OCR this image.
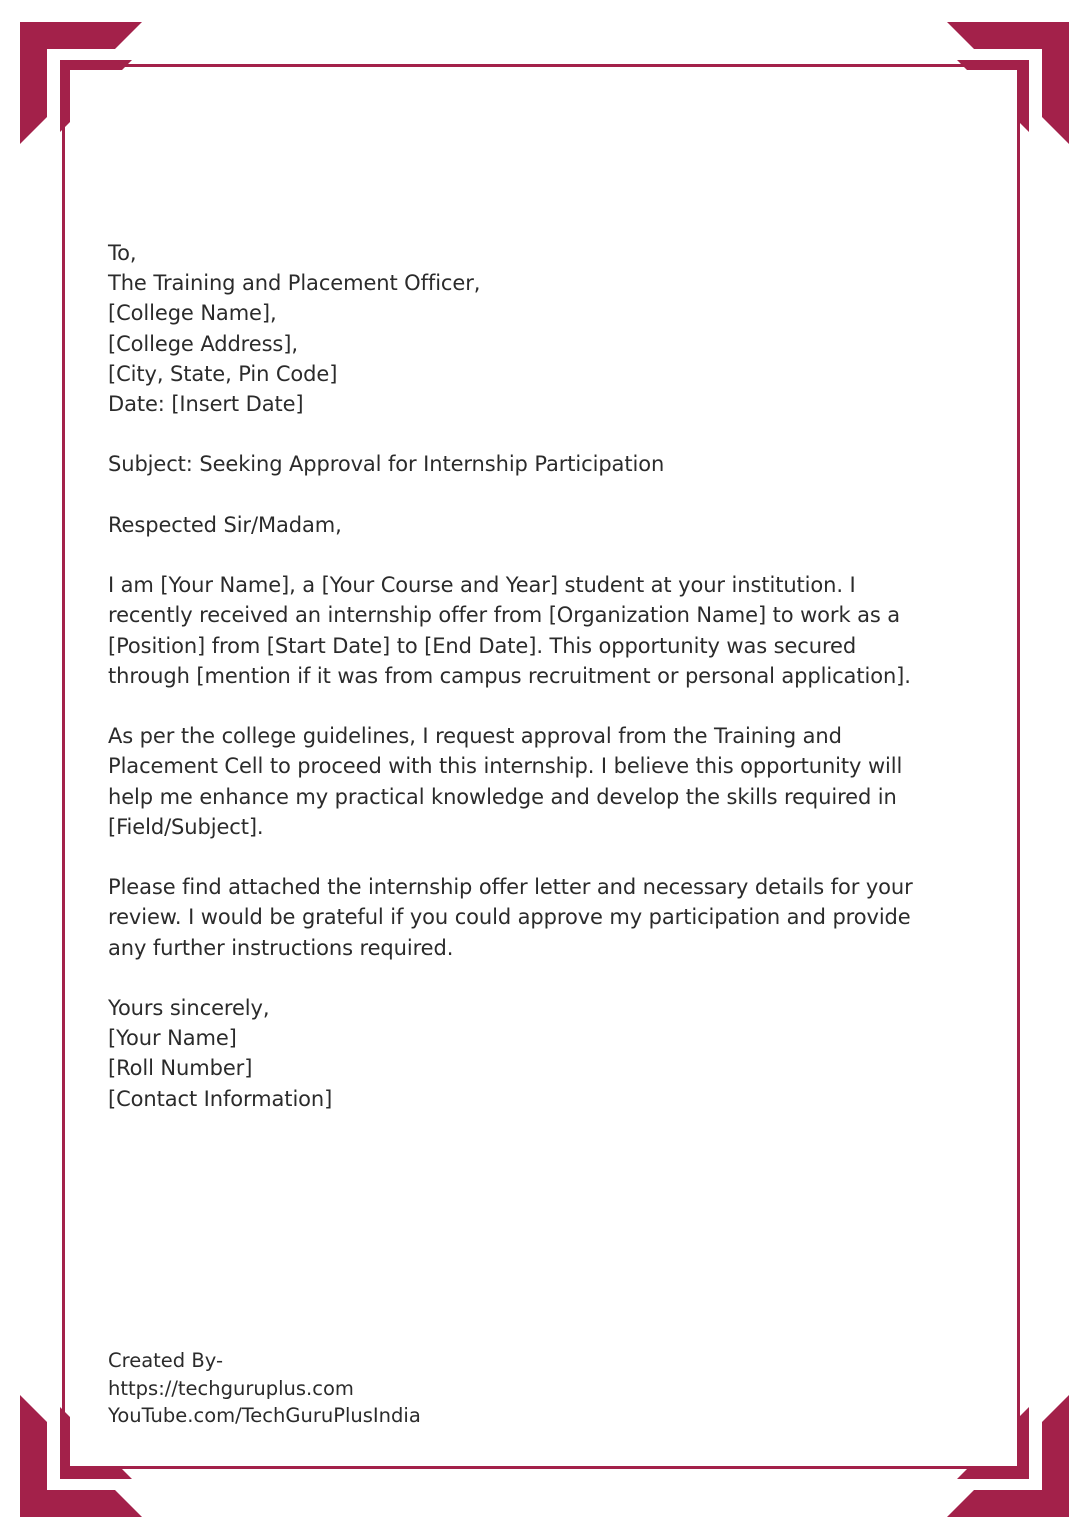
To,
The Training and Placement Officer,
[College Name],
[College Address],
[City, State, Pin Code]
Date: [Insert Date]
Subject: Seeking Approval for Internship Participation
Respected Sir/Madam,
I am [Your Name], a [Your Course and Year] student at your institution. I
recently received an internship offer from [Organization Name] to work as a
[Position] from [Start Date] to [End Date]. This opportunity was secured
through [mention if it was from campus recruitment or personal application].
As per the college guidelines, I request approval from the Training and
Placement Cell to proceed with this internship. I believe this opportunity will
help me enhance my practical knowledge and develop the skills required in
[Field/Subject].
Please find attached the internship offer letter and necessary details for your
review. I would be grateful if you could approve my participation and provide
any further instructions required.
Yours sincerely,
[Your Name]
[Roll Number]
[Contact Information]
Created By-
https://techguruplus.com
YouTube.com/TechGuruPlusIndia
